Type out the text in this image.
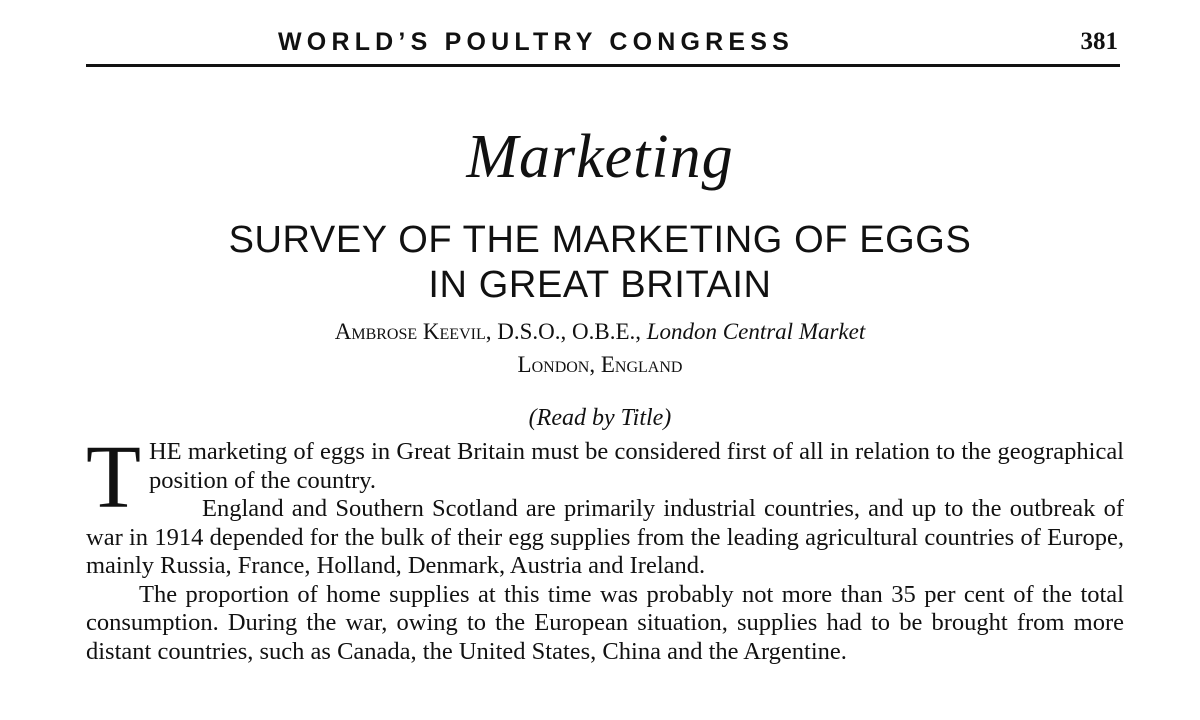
WORLD’S POULTRY CONGRESS	381
Marketing
SURVEY OF THE MARKETING OF EGGS
IN GREAT BRITAIN
Ambrose Keevil, D.S.O., O.B.E., London Central Market
London, England
(Read by Title)

THE marketing of eggs in Great Britain must be considered first of all in relation to the geographical position of the country.

England and Southern Scotland are primarily industrial countries, and up to the outbreak of war in 1914 depended for the bulk of their egg supplies from the leading agricultural countries of Europe, mainly Russia, France, Holland, Denmark, Austria and Ireland.

The proportion of home supplies at this time was probably not more than 35 per cent of the total consumption. During the war, owing to the European situation, supplies had to be brought from more distant countries, such as Canada, the United States, China and the Argentine.
